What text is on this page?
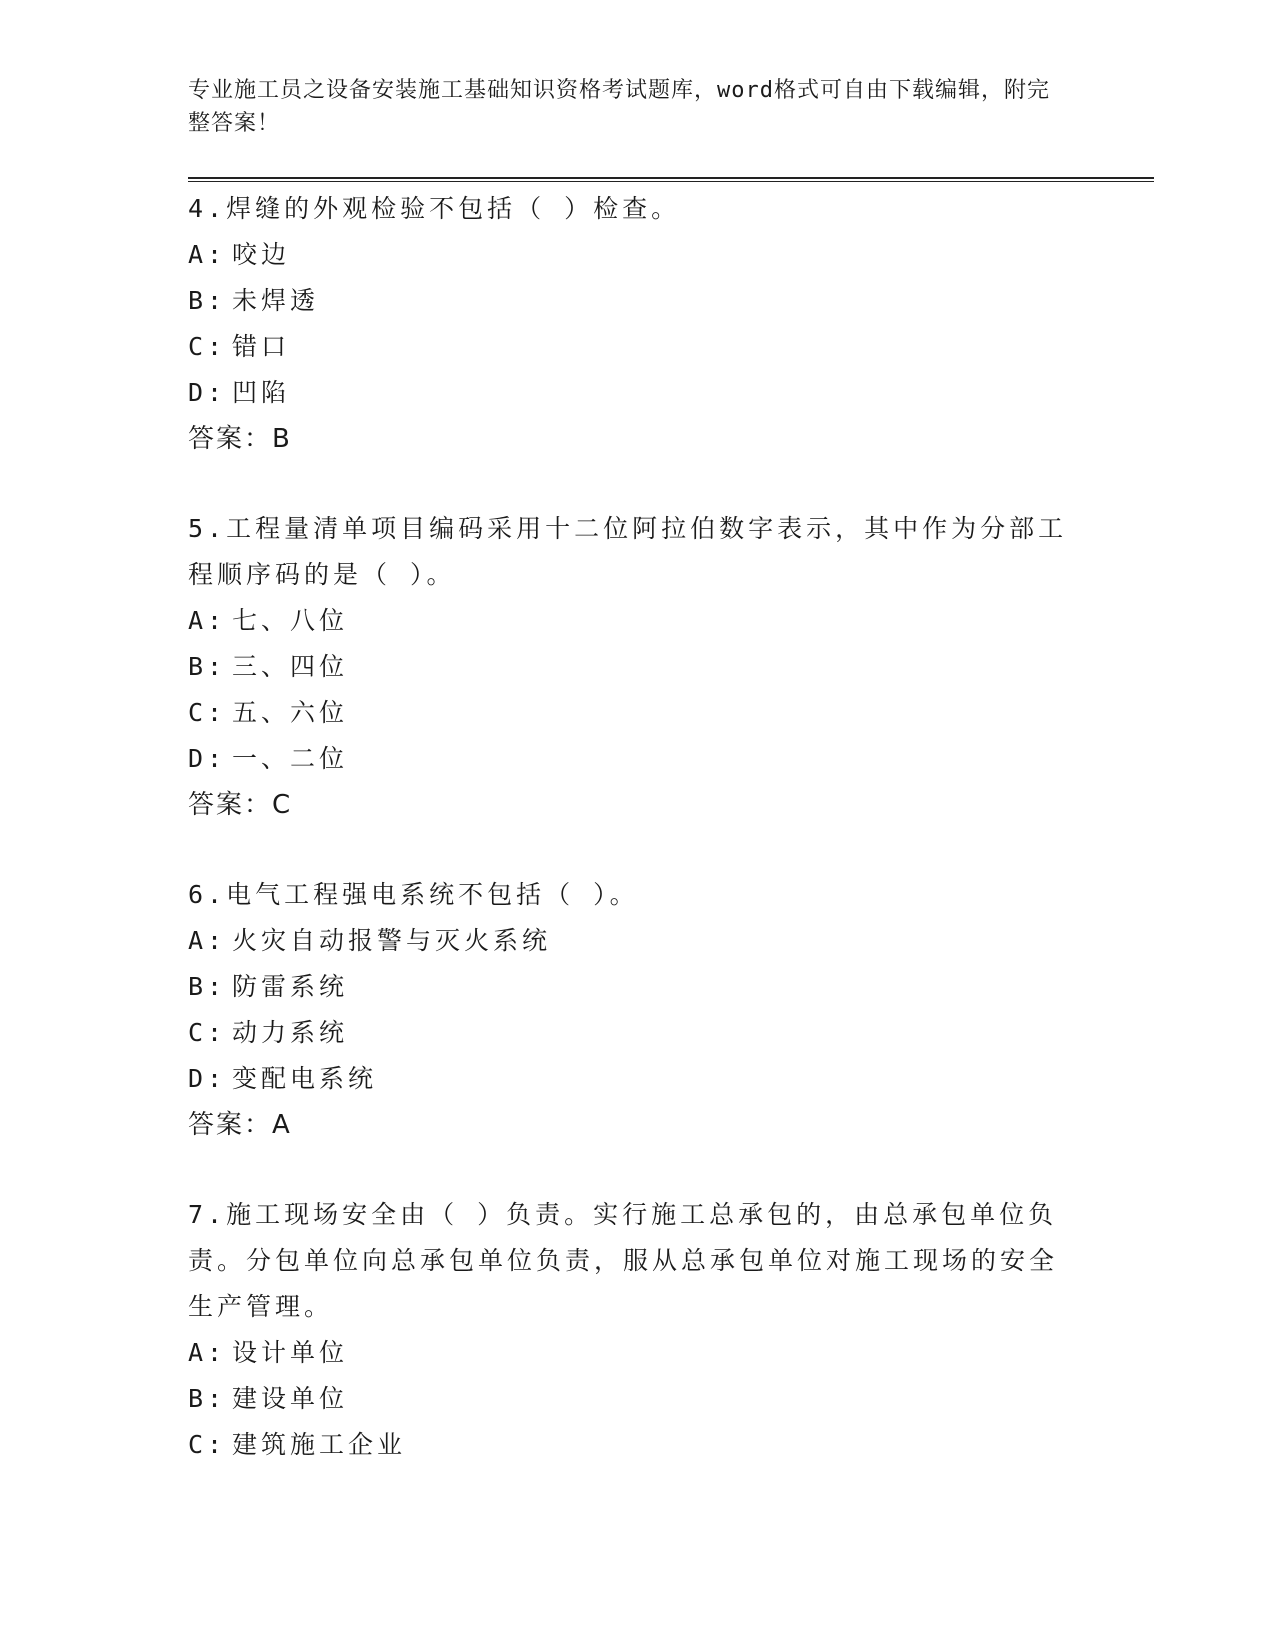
专业施工员之设备安装施工基础知识资格考试题库，word格式可自由下载编辑，附完整答案！

4.焊缝的外观检验不包括（ ）检查。

A: 咬边

B: 未焊透

C: 错口

D: 凹陷

答案：B

5.工程量清单项目编码采用十二位阿拉伯数字表示，其中作为分部工程顺序码的是（ ）。

A: 七、八位

B: 三、四位

C: 五、六位

D: 一、二位

答案：C

6.电气工程强电系统不包括（ ）。

A: 火灾自动报警与灭火系统

B: 防雷系统

C: 动力系统

D: 变配电系统

答案：A

7.施工现场安全由（ ）负责。实行施工总承包的，由总承包单位负责。分包单位向总承包单位负责，服从总承包单位对施工现场的安全生产管理。

A: 设计单位

B: 建设单位

C: 建筑施工企业
